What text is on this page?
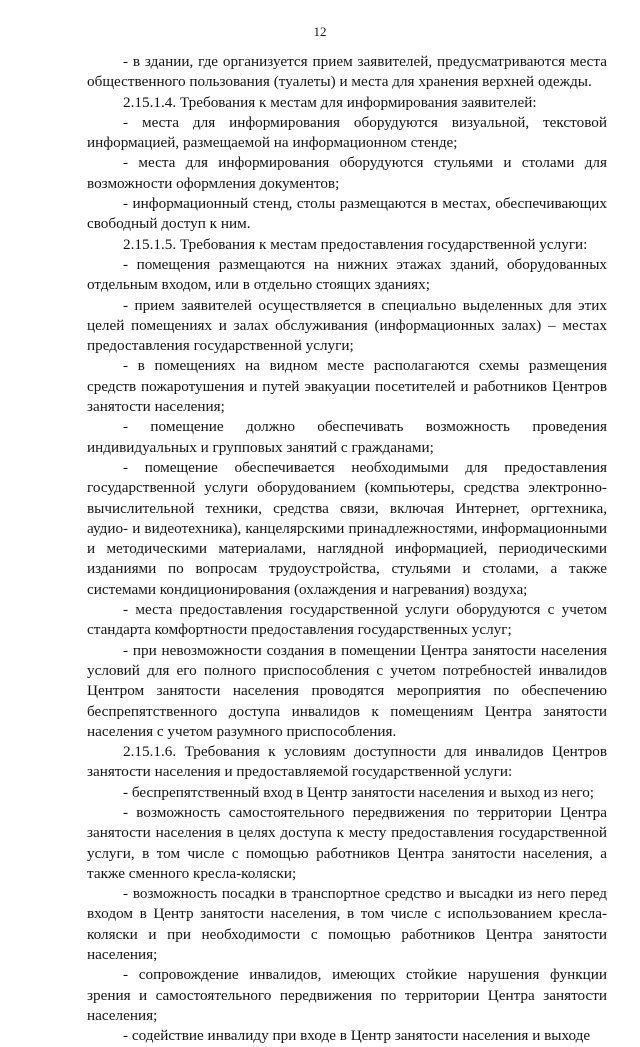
12

- в здании, где организуется прием заявителей, предусматриваются места общественного пользования (туалеты) и места для хранения верхней одежды.

2.15.1.4. Требования к местам для информирования заявителей:

- места для информирования оборудуются визуальной, текстовой информацией, размещаемой на информационном стенде;

- места для информирования оборудуются стульями и столами для возможности оформления документов;

- информационный стенд, столы размещаются в местах, обеспечивающих свободный доступ к ним.

2.15.1.5. Требования к местам предоставления государственной услуги:

- помещения размещаются на нижних этажах зданий, оборудованных отдельным входом, или в отдельно стоящих зданиях;

- прием заявителей осуществляется в специально выделенных для этих целей помещениях и залах обслуживания (информационных залах) – местах предоставления государственной услуги;

- в помещениях на видном месте располагаются схемы размещения средств пожаротушения и путей эвакуации посетителей и работников Центров занятости населения;

- помещение должно обеспечивать возможность проведения индивидуальных и групповых занятий с гражданами;

- помещение обеспечивается необходимыми для предоставления государственной услуги оборудованием (компьютеры, средства электронно-вычислительной техники, средства связи, включая Интернет, оргтехника, аудио- и видеотехника), канцелярскими принадлежностями, информационными и методическими материалами, наглядной информацией, периодическими изданиями по вопросам трудоустройства, стульями и столами, а также системами кондиционирования (охлаждения и нагревания) воздуха;

- места предоставления государственной услуги оборудуются с учетом стандарта комфортности предоставления государственных услуг;

- при невозможности создания в помещении Центра занятости населения условий для его полного приспособления с учетом потребностей инвалидов Центром занятости населения проводятся мероприятия по обеспечению беспрепятственного доступа инвалидов к помещениям Центра занятости населения с учетом разумного приспособления.

2.15.1.6. Требования к условиям доступности для инвалидов Центров занятости населения и предоставляемой государственной услуги:

- беспрепятственный вход в Центр занятости населения и выход из него;

- возможность самостоятельного передвижения по территории Центра занятости населения в целях доступа к месту предоставления государственной услуги, в том числе с помощью работников Центра занятости населения, а также сменного кресла-коляски;

- возможность посадки в транспортное средство и высадки из него перед входом в Центр занятости населения, в том числе с использованием кресла-коляски и при необходимости с помощью работников Центра занятости населения;

- сопровождение инвалидов, имеющих стойкие нарушения функции зрения и самостоятельного передвижения по территории Центра занятости населения;

- содействие инвалиду при входе в Центр занятости населения и выходе
